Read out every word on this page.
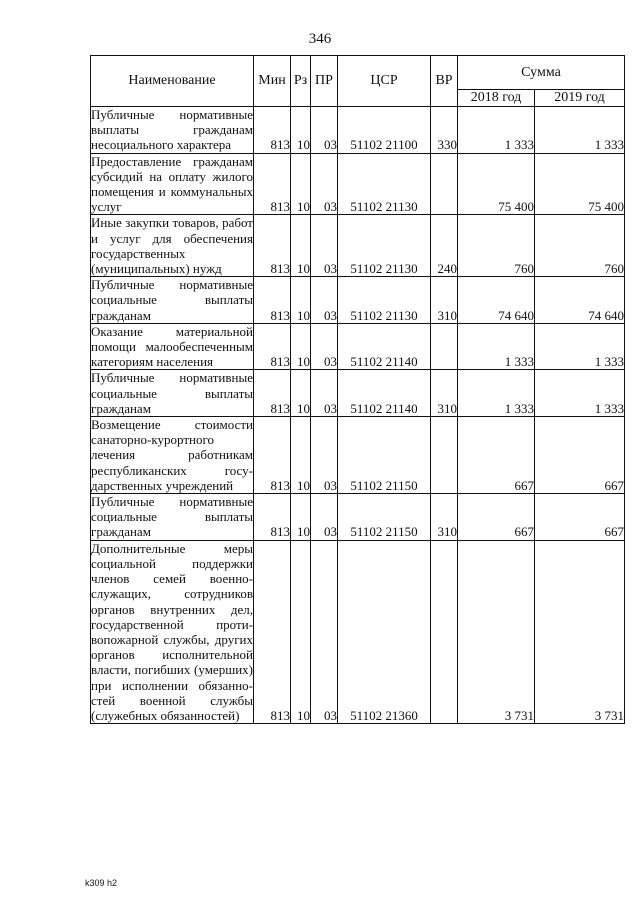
346
Наименование	Мин	Рз	ПР	ЦСР	ВР	Сумма	
						2018 год	2019 год
Публичные нормативные выплаты гражданам несоциального характера	813	10	03	51102 21100	330	1 333	1 333
Предоставление гражданам субсидий на оплату жилого помещения и коммунальных услуг	813	10	03	51102 21130		75 400	75 400
Иные закупки товаров, работ и услуг для обеспечения государственных (муниципальных) нужд	813	10	03	51102 21130	240	760	760
Публичные нормативные социальные выплаты гражданам	813	10	03	51102 21130	310	74 640	74 640
Оказание материальной помощи малообеспеченным категориям населения	813	10	03	51102 21140		1 333	1 333
Публичные нормативные социальные выплаты гражданам	813	10	03	51102 21140	310	1 333	1 333
Возмещение стоимости санаторно-курортного лечения работникам республиканских государственных учреждений	813	10	03	51102 21150		667	667
Публичные нормативные социальные выплаты гражданам	813	10	03	51102 21150	310	667	667
Дополнительные меры социальной поддержки членов семей военнослужащих, сотрудников органов внутренних дел, государственной противопожарной службы, других органов исполнительной власти, погибших (умерших) при исполнении обязанностей военной службы (служебных обязанностей)	813	10	03	51102 21360		3 731	3 731
k309 h2
